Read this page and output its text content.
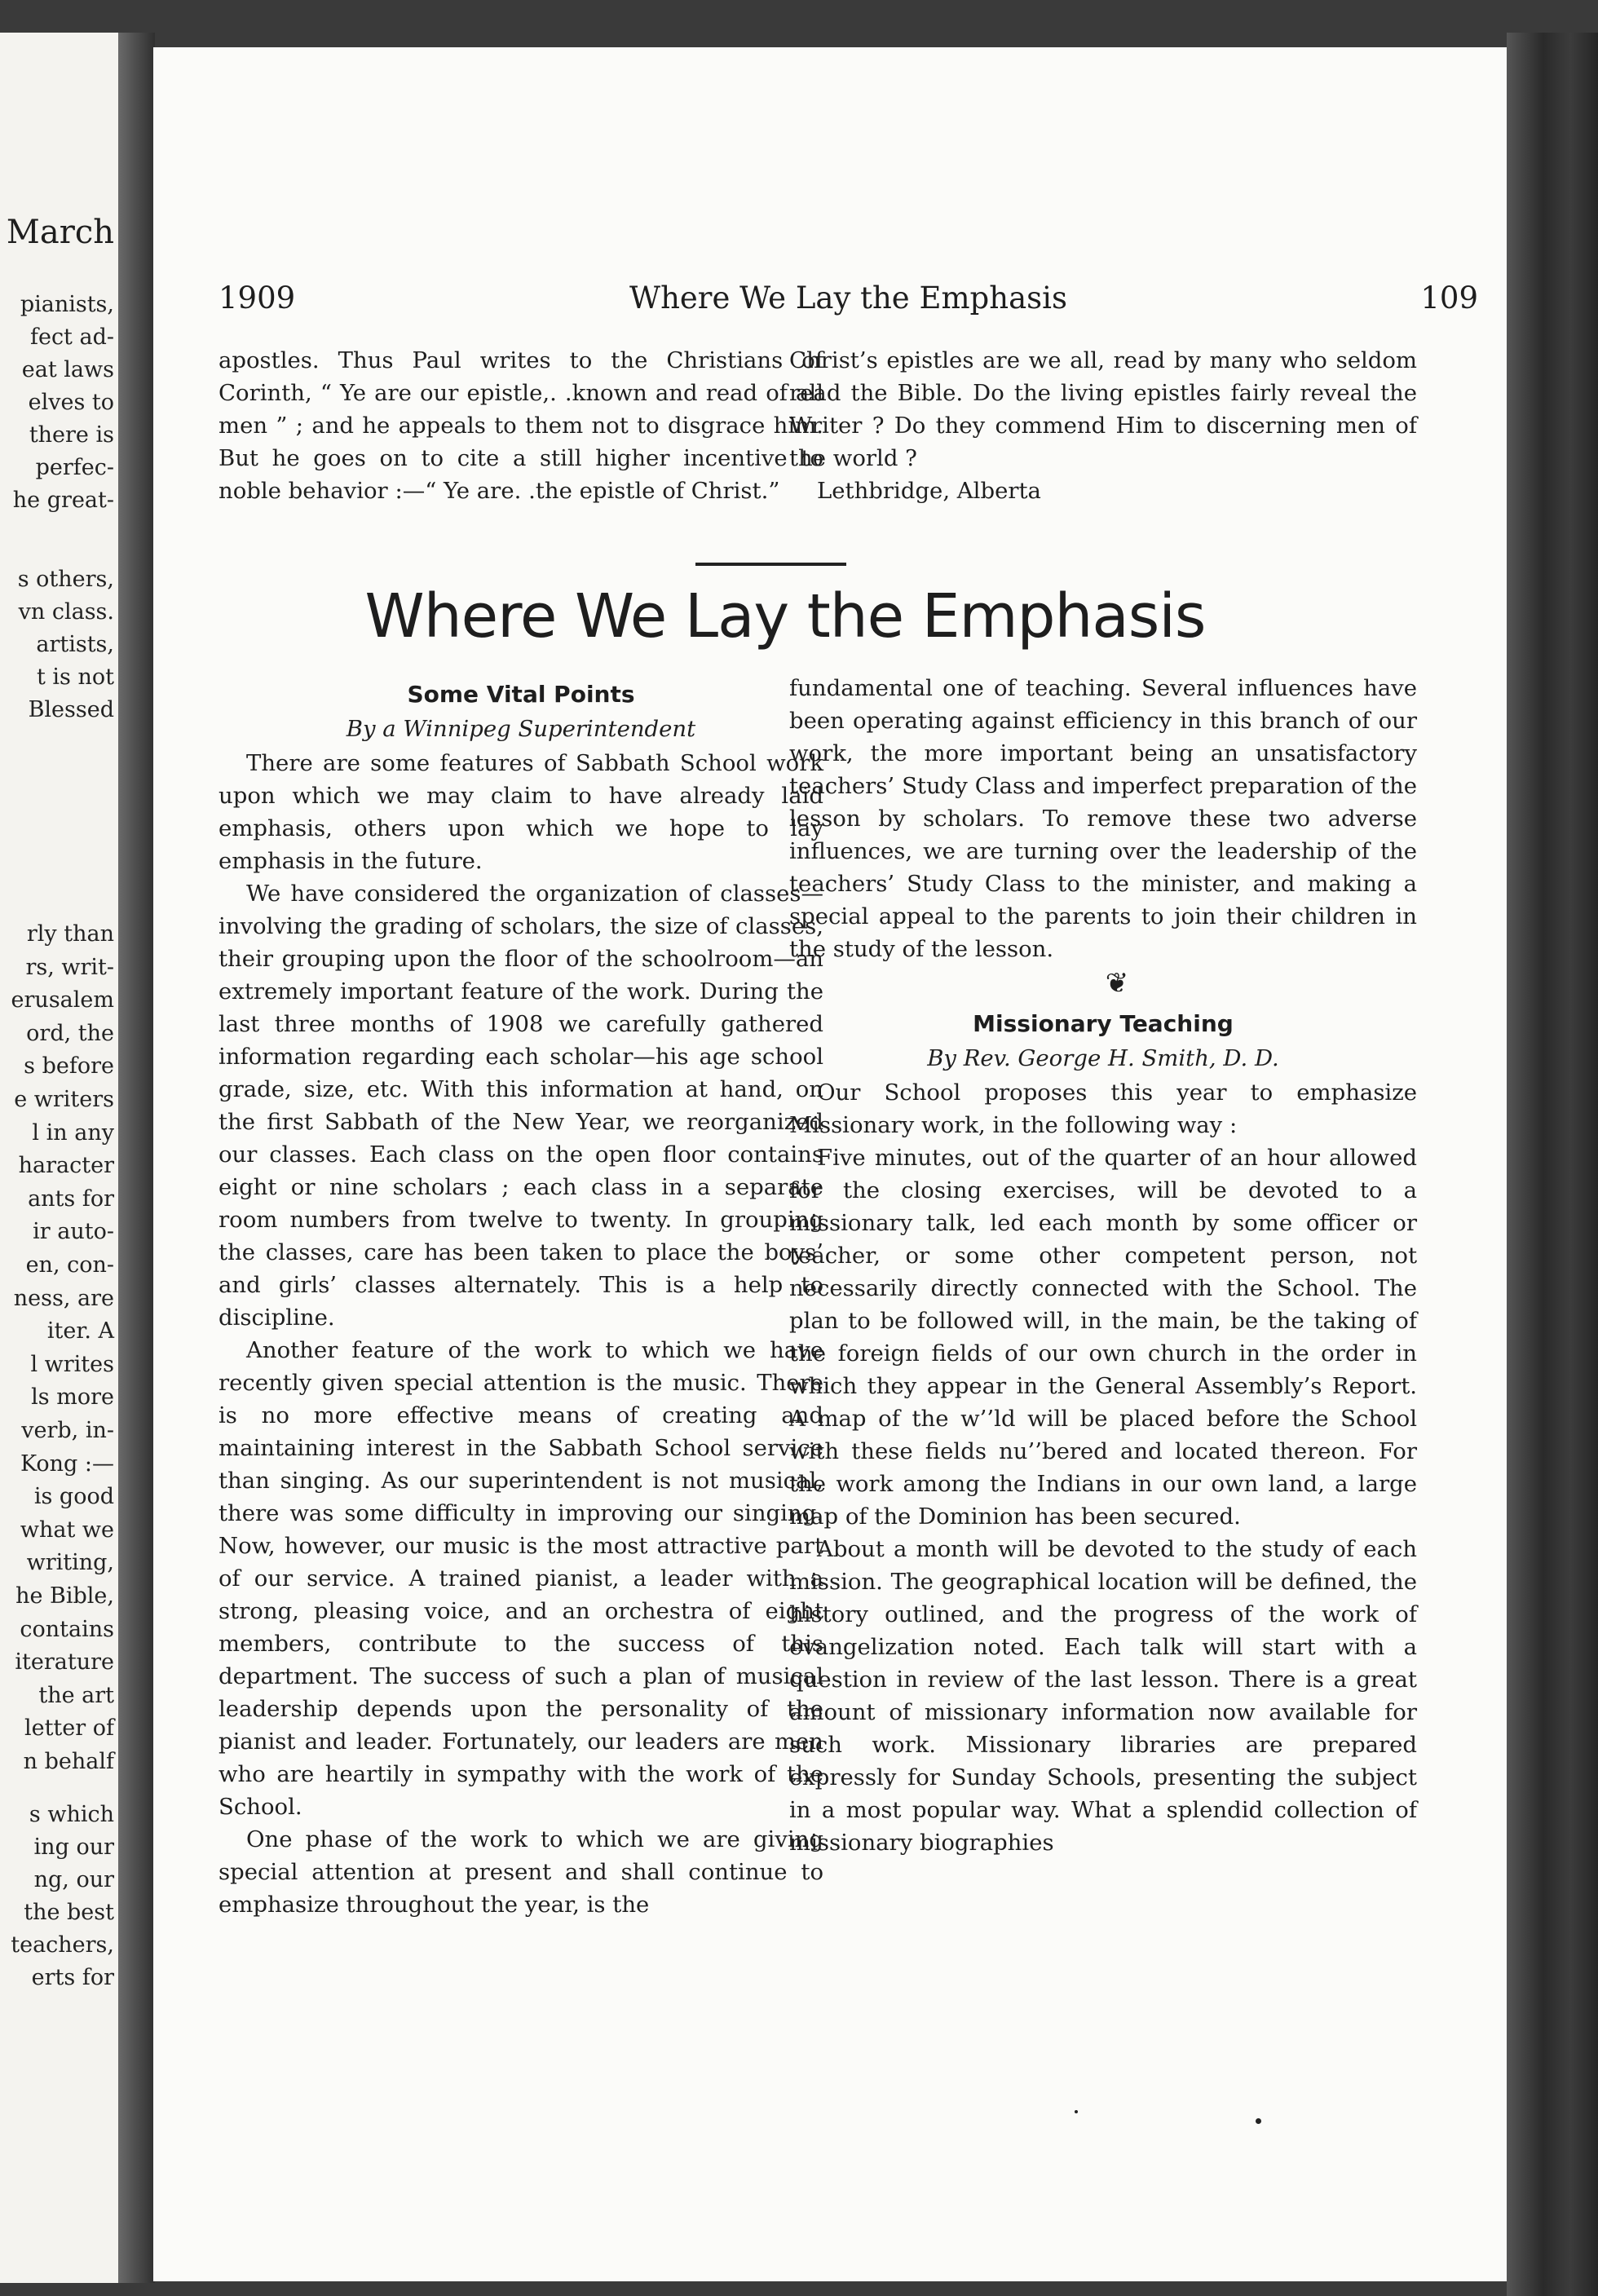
March
pianists,
fect ad-
eat laws
elves to
there is
perfec-
he great-
s others,
vn class.
artists,
t is not
Blessed
rly than
rs, writ-
erusalem
ord, the
s before
e writers
l in any
haracter
ants for
ir auto-
en, con-
ness, are
iter. A
l writes
ls more
verb, in-
Kong :—
is good
what we
writing,
he Bible,
contains
iterature
the art
letter of
n behalf
s which
ing our
ng, our
the best
teachers,
erts for
1909	Where We Lay the Emphasis	109

apostles. Thus Paul writes to the Christians of Corinth, “ Ye are our epistle,. .known and read of all men ” ; and he appeals to them not to disgrace him. But he goes on to cite a still higher incentive to noble behavior :—“ Ye are. .the epistle of Christ.”

Christ’s epistles are we all, read by many who seldom read the Bible. Do the living epistles fairly reveal the Writer ? Do they commend Him to discerning men of the world ?

Lethbridge, Alberta

Where We Lay the Emphasis

Some Vital Points

By a Winnipeg Superintendent

There are some features of Sabbath School work upon which we may claim to have already laid emphasis, others upon which we hope to lay emphasis in the future.

We have considered the organization of classes—involving the grading of scholars, the size of classes, their grouping upon the floor of the schoolroom—an extremely important feature of the work. During the last three months of 1908 we carefully gathered information regarding each scholar—his age school grade, size, etc. With this information at hand, on the first Sabbath of the New Year, we reorganized our classes. Each class on the open floor contains eight or nine scholars ; each class in a separate room numbers from twelve to twenty. In grouping the classes, care has been taken to place the boys’ and girls’ classes alternately. This is a help to discipline.

Another feature of the work to which we have recently given special attention is the music. There is no more effective means of creating and maintaining interest in the Sabbath School service than singing. As our superintendent is not musical, there was some difficulty in improving our singing. Now, however, our music is the most attractive part of our service. A trained pianist, a leader with a strong, pleasing voice, and an orchestra of eight members, contribute to the success of this department. The success of such a plan of musical leadership depends upon the personality of the pianist and leader. Fortunately, our leaders are men who are heartily in sympathy with the work of the School.

One phase of the work to which we are giving special attention at present and shall continue to emphasize throughout the year, is the

fundamental one of teaching. Several influences have been operating against efficiency in this branch of our work, the more important being an unsatisfactory teachers’ Study Class and imperfect preparation of the lesson by scholars. To remove these two adverse influences, we are turning over the leadership of the teachers’ Study Class to the minister, and making a special appeal to the parents to join their children in the study of the lesson.

❦

Missionary Teaching

By Rev. George H. Smith, D. D.

Our School proposes this year to emphasize Missionary work, in the following way :

Five minutes, out of the quarter of an hour allowed for the closing exercises, will be devoted to a missionary talk, led each month by some officer or teacher, or some other competent person, not necessarily directly connected with the School. The plan to be followed will, in the main, be the taking of the foreign fields of our own church in the order in which they appear in the General Assembly’s Report. A map of the w’’ld will be placed before the School with these fields nu’’bered and located thereon. For the work among the Indians in our own land, a large map of the Dominion has been secured.

About a month will be devoted to the study of each mission. The geographical location will be defined, the history outlined, and the progress of the work of evangelization noted. Each talk will start with a question in review of the last lesson. There is a great amount of missionary information now available for such work. Missionary libraries are prepared expressly for Sunday Schools, presenting the subject in a most popular way. What a splendid collection of missionary biographies
